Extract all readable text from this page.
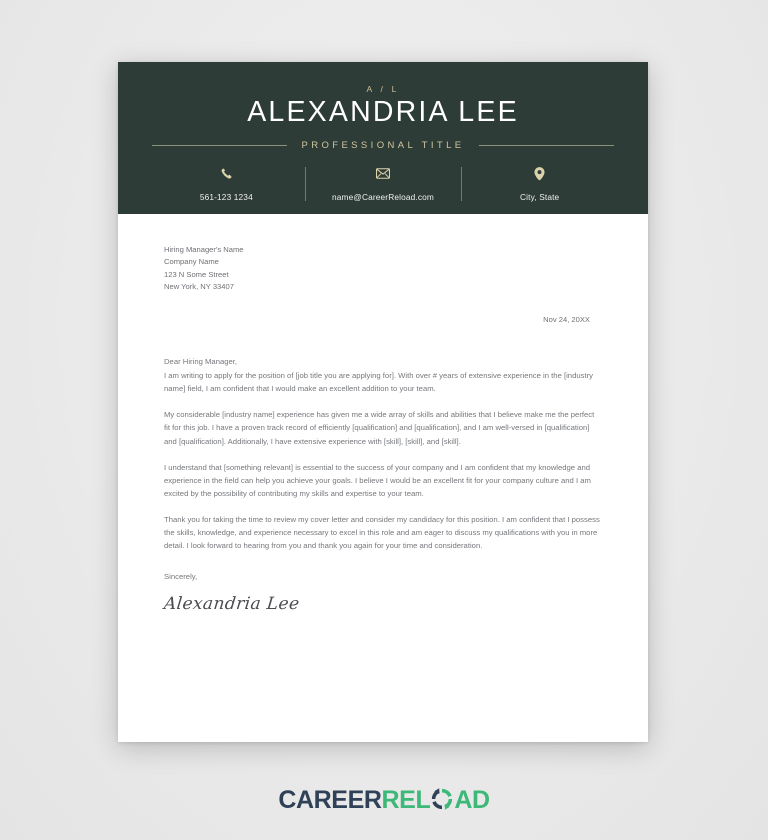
A / L
ALEXANDRIA LEE
PROFESSIONAL TITLE
561-123 1234	name@CareerReload.com	City, State
Hiring Manager's Name
Company Name
123 N Some Street
New York, NY 33407
Nov 24, 20XX
Dear Hiring Manager,

I am writing to apply for the position of [job title you are applying for]. With over # years of extensive experience in the [industry name] field, I am confident that I would make an excellent addition to your team.

My considerable [industry name] experience has given me a wide array of skills and abilities that I believe make me the perfect fit for this job. I have a proven track record of efficiently [qualification] and [qualification], and I am well-versed in [qualification] and [qualification]. Additionally, I have extensive experience with [skill], [skill], and [skill].

I understand that [something relevant] is essential to the success of your company and I am confident that my knowledge and experience in the field can help you achieve your goals. I believe I would be an excellent fit for your company culture and I am excited by the possibility of contributing my skills and expertise to your team.

Thank you for taking the time to review my cover letter and consider my candidacy for this position. I am confident that I possess the skills, knowledge, and experience necessary to excel in this role and am eager to discuss my qualifications with you in more detail. I look forward to hearing from you and thank you again for your time and consideration.

Sincerely,
Alexandria Lee
CAREERREL AD
